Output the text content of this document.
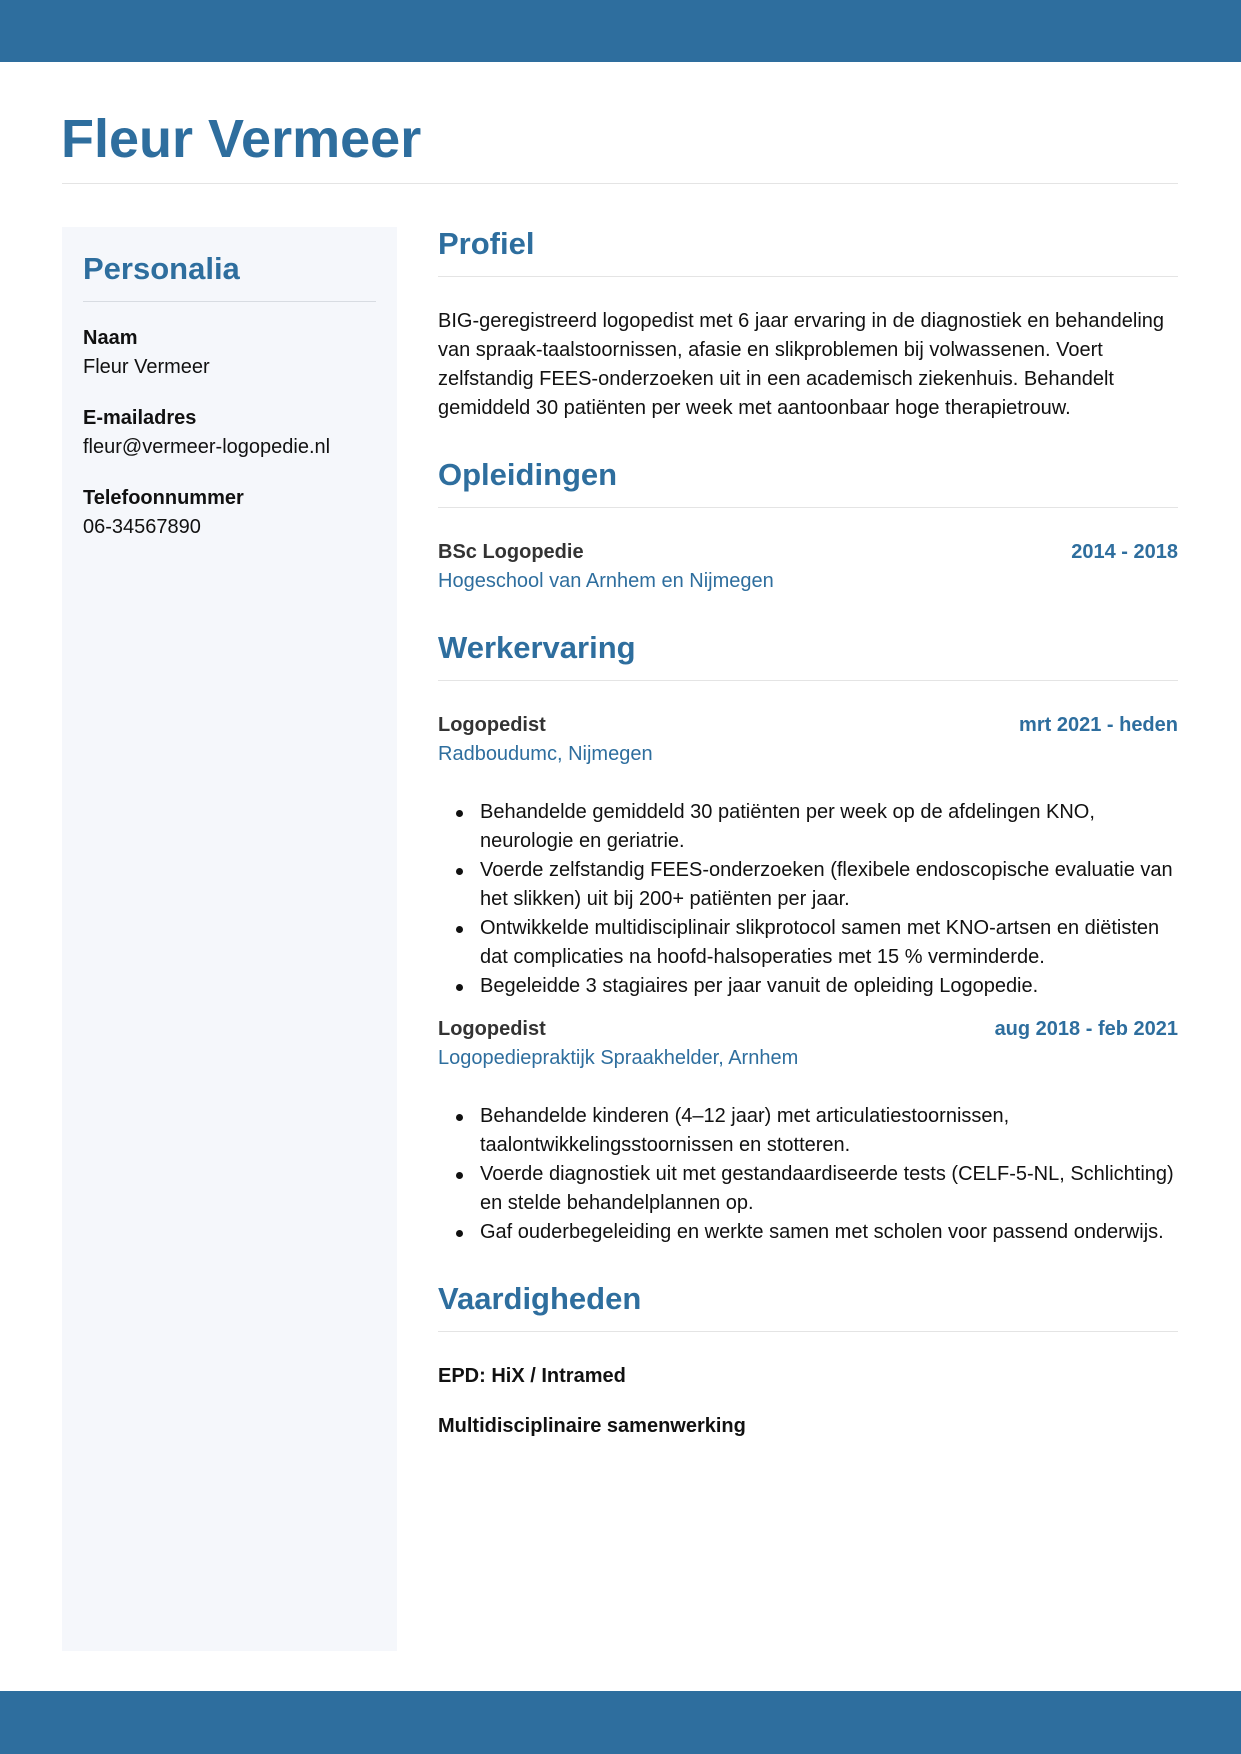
Fleur Vermeer
Personalia
Naam
Fleur Vermeer
E-mailadres
fleur@vermeer-logopedie.nl
Telefoonnummer
06-34567890
Profiel

BIG-geregistreerd logopedist met 6 jaar ervaring in de diagnostiek en behandeling van spraak-taalstoornissen, afasie en slikproblemen bij volwassenen. Voert zelfstandig FEES-onderzoeken uit in een academisch ziekenhuis. Behandelt gemiddeld 30 patiënten per week met aantoonbaar hoge therapietrouw.

Opleidingen
BSc Logopedie	2014 - 2018
Hogeschool van Arnhem en Nijmegen
Werkervaring
Logopedist	mrt 2021 - heden
Radboudumc, Nijmegen
Behandelde gemiddeld 30 patiënten per week op de afdelingen KNO, neurologie en geriatrie.
Voerde zelfstandig FEES-onderzoeken (flexibele endoscopische evaluatie van het slikken) uit bij 200+ patiënten per jaar.
Ontwikkelde multidisciplinair slikprotocol samen met KNO-artsen en diëtisten dat complicaties na hoofd-halsoperaties met 15 % verminderde.
Begeleidde 3 stagiaires per jaar vanuit de opleiding Logopedie.
Logopedist	aug 2018 - feb 2021
Logopediepraktijk Spraakhelder, Arnhem
Behandelde kinderen (4–12 jaar) met articulatiestoornissen, taalontwikkelingsstoornissen en stotteren.
Voerde diagnostiek uit met gestandaardiseerde tests (CELF-5-NL, Schlichting) en stelde behandelplannen op.
Gaf ouderbegeleiding en werkte samen met scholen voor passend onderwijs.
Vaardigheden
EPD: HiX / Intramed
Multidisciplinaire samenwerking
